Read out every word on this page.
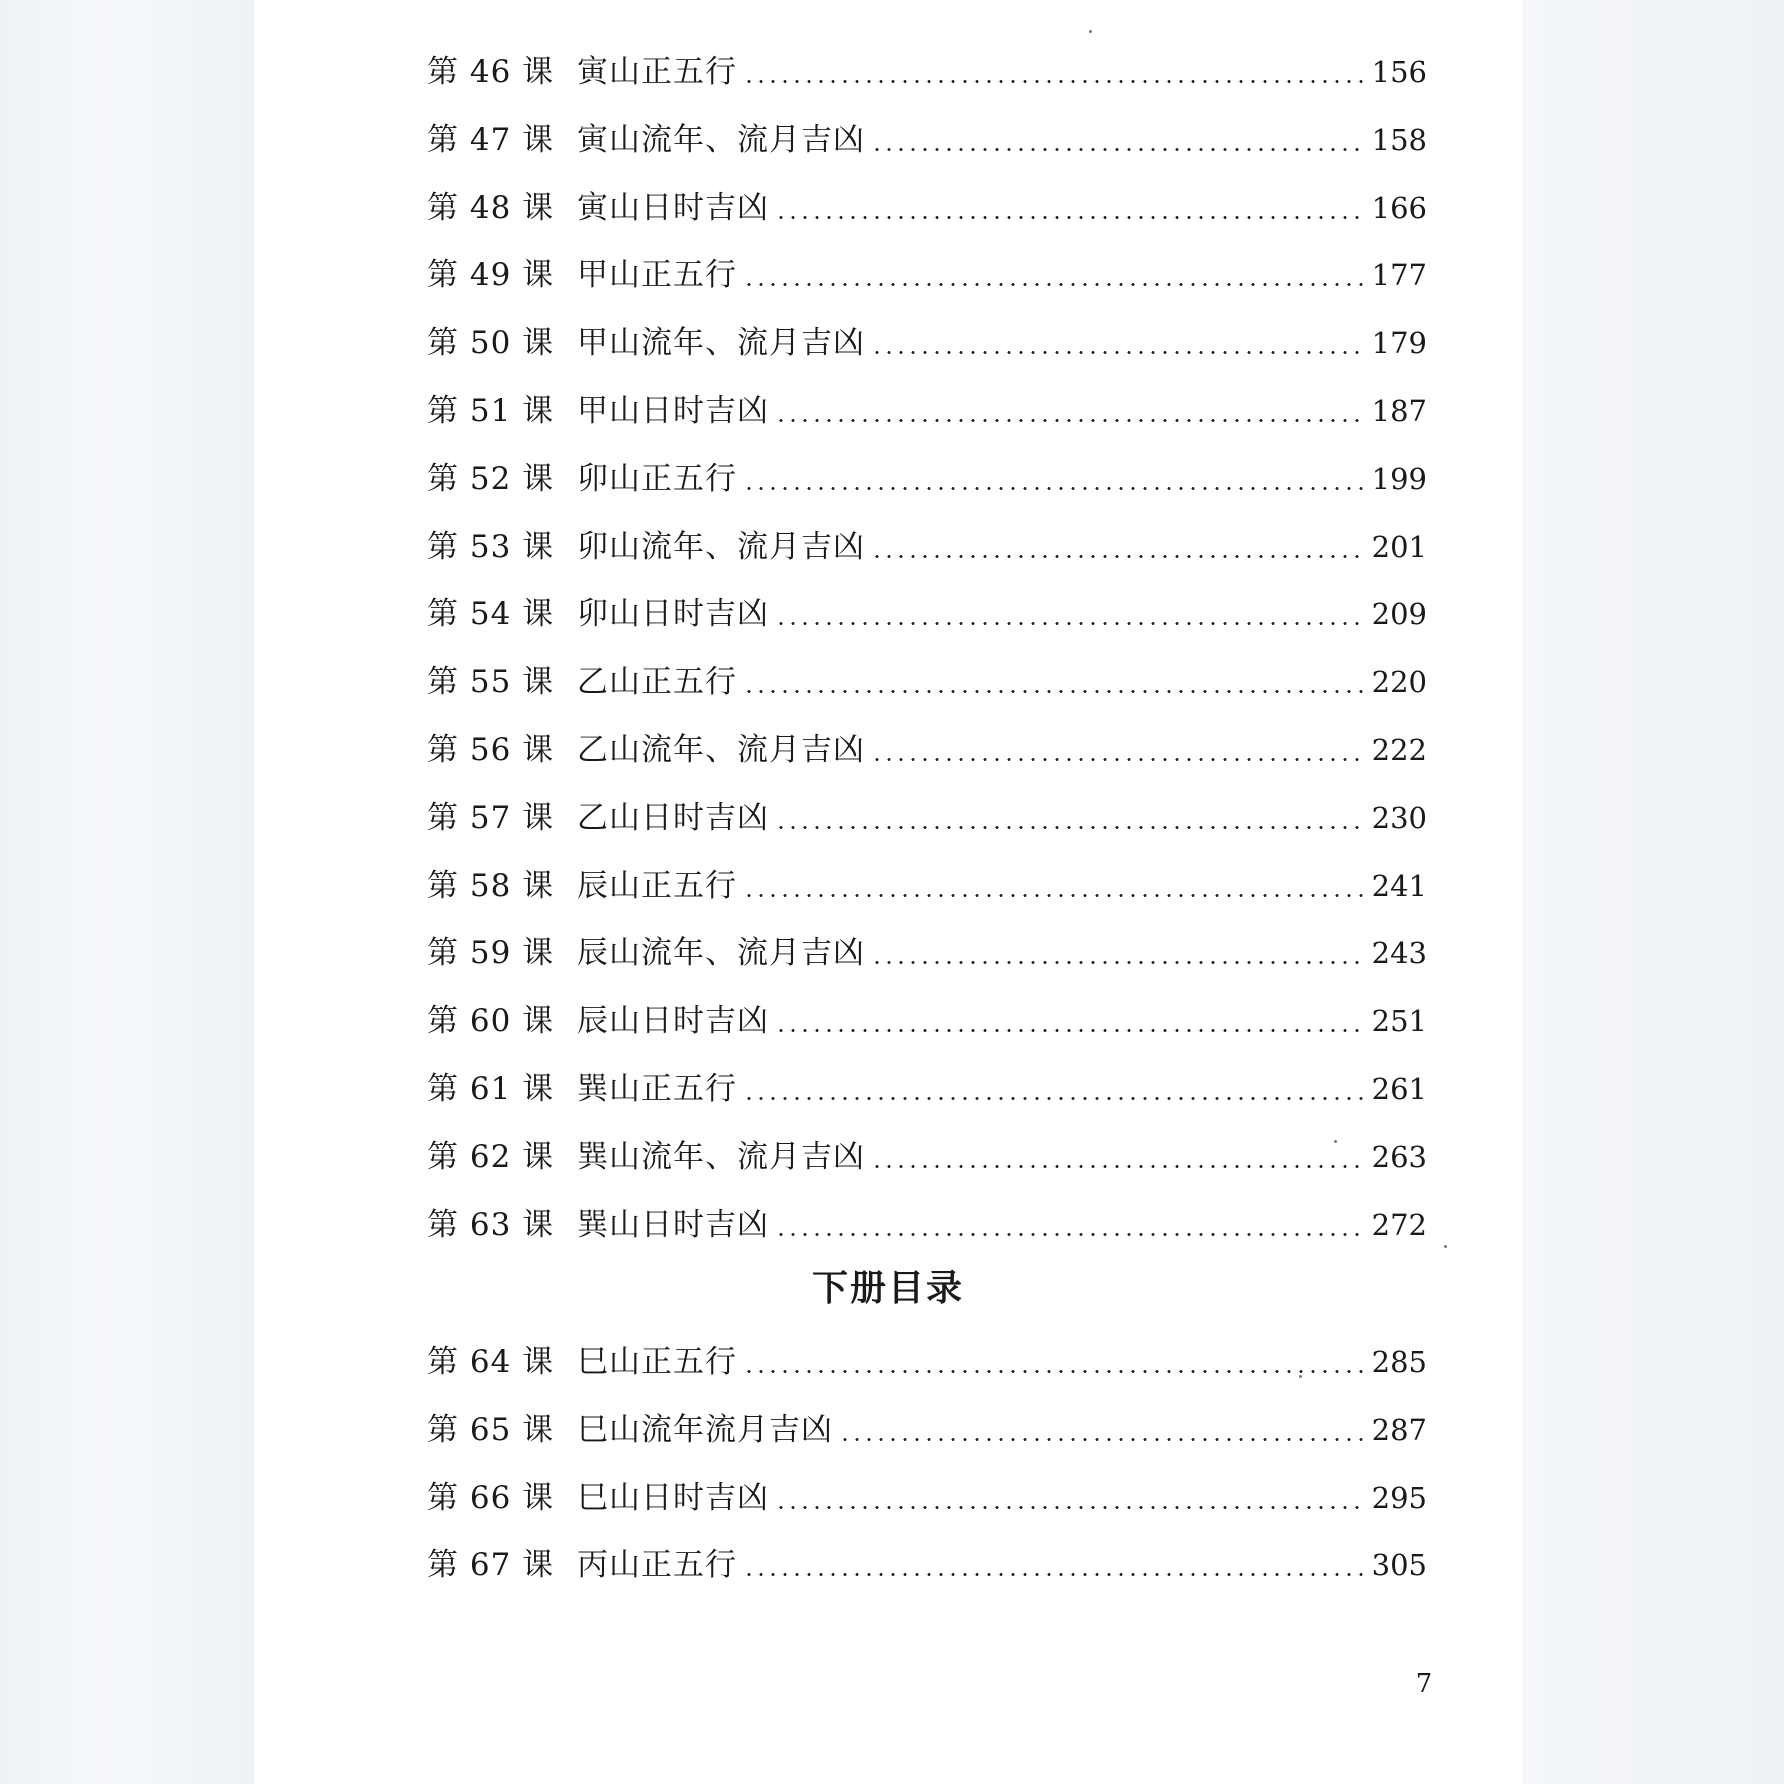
下册目录
第 46 课 寅山正五行	156
第 47 课 寅山流年、流月吉凶	158
第 48 课 寅山日时吉凶	166
第 49 课 甲山正五行	177
第 50 课 甲山流年、流月吉凶	179
第 51 课 甲山日时吉凶	187
第 52 课 卯山正五行	199
第 53 课 卯山流年、流月吉凶	201
第 54 课 卯山日时吉凶	209
第 55 课 乙山正五行	220
第 56 课 乙山流年、流月吉凶	222
第 57 课 乙山日时吉凶	230
第 58 课 辰山正五行	241
第 59 课 辰山流年、流月吉凶	243
第 60 课 辰山日时吉凶	251
第 61 课 巽山正五行	261
第 62 课 巽山流年、流月吉凶	263
第 63 课 巽山日时吉凶	272
第 64 课 巳山正五行	285
第 65 课 巳山流年流月吉凶	287
第 66 课 巳山日时吉凶	295
第 67 课 丙山正五行	305
7
